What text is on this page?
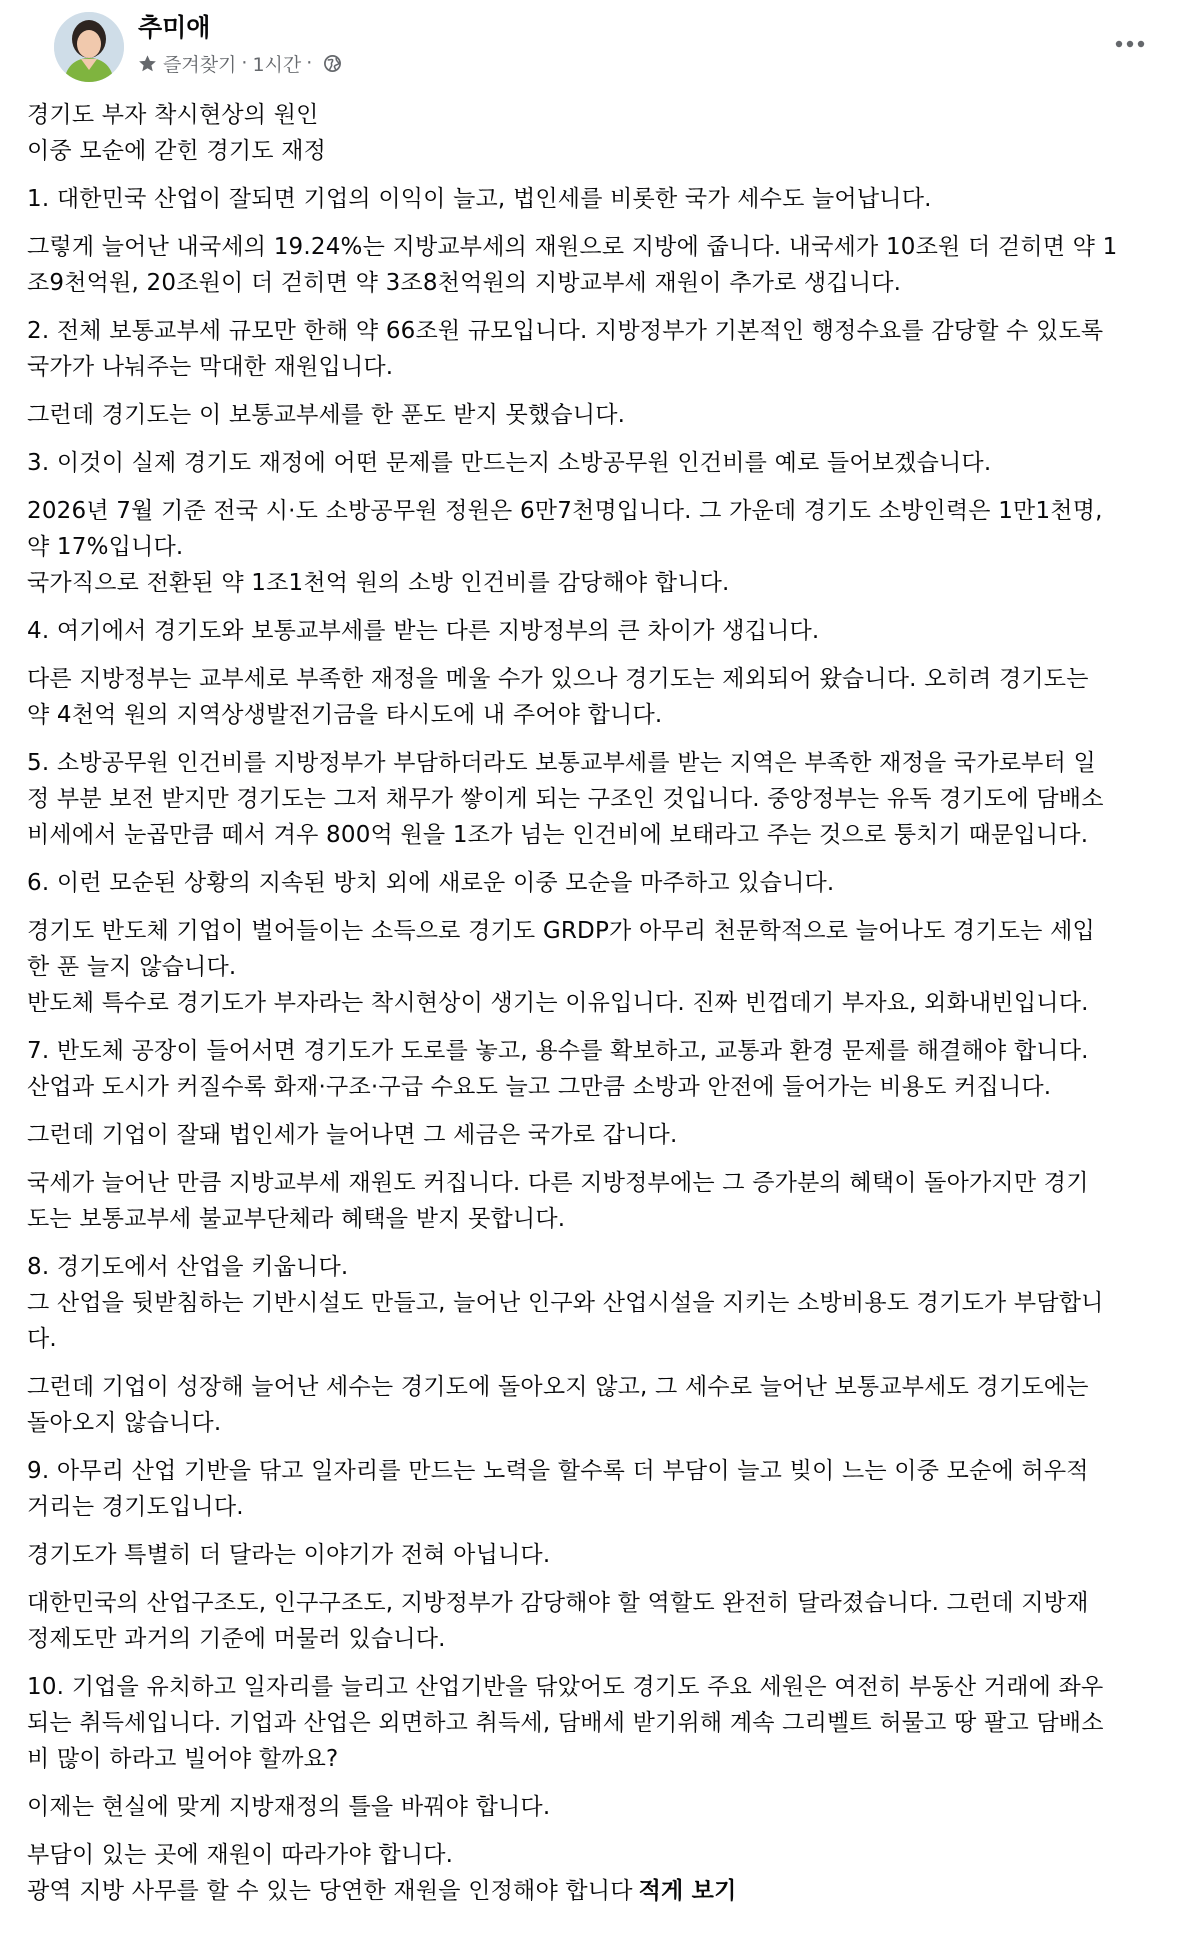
추미애
즐겨찾기 · 1시간 ·

경기도 부자 착시현상의 원인
이중 모순에 갇힌 경기도 재정

1. 대한민국 산업이 잘되면 기업의 이익이 늘고, 법인세를 비롯한 국가 세수도 늘어납니다.

그렇게 늘어난 내국세의 19.24%는 지방교부세의 재원으로 지방에 줍니다. 내국세가 10조원 더 걷히면 약 1
조9천억원, 20조원이 더 걷히면 약 3조8천억원의 지방교부세 재원이 추가로 생깁니다.

2. 전체 보통교부세 규모만 한해 약 66조원 규모입니다. 지방정부가 기본적인 행정수요를 감당할 수 있도록
국가가 나눠주는 막대한 재원입니다.

그런데 경기도는 이 보통교부세를 한 푼도 받지 못했습니다.

3. 이것이 실제 경기도 재정에 어떤 문제를 만드는지 소방공무원 인건비를 예로 들어보겠습니다.

2026년 7월 기준 전국 시·도 소방공무원 정원은 6만7천명입니다. 그 가운데 경기도 소방인력은 1만1천명,
약 17%입니다.
국가직으로 전환된 약 1조1천억 원의 소방 인건비를 감당해야 합니다.

4. 여기에서 경기도와 보통교부세를 받는 다른 지방정부의 큰 차이가 생깁니다.

다른 지방정부는 교부세로 부족한 재정을 메울 수가 있으나 경기도는 제외되어 왔습니다. 오히려 경기도는
약 4천억 원의 지역상생발전기금을 타시도에 내 주어야 합니다.

5. 소방공무원 인건비를 지방정부가 부담하더라도 보통교부세를 받는 지역은 부족한 재정을 국가로부터 일
정 부분 보전 받지만 경기도는 그저 채무가 쌓이게 되는 구조인 것입니다. 중앙정부는 유독 경기도에 담배소
비세에서 눈곱만큼 떼서 겨우 800억 원을 1조가 넘는 인건비에 보태라고 주는 것으로 퉁치기 때문입니다.

6. 이런 모순된 상황의 지속된 방치 외에 새로운 이중 모순을 마주하고 있습니다.

경기도 반도체 기업이 벌어들이는 소득으로 경기도 GRDP가 아무리 천문학적으로 늘어나도 경기도는 세입
한 푼 늘지 않습니다.
반도체 특수로 경기도가 부자라는 착시현상이 생기는 이유입니다. 진짜 빈껍데기 부자요, 외화내빈입니다.

7. 반도체 공장이 들어서면 경기도가 도로를 놓고, 용수를 확보하고, 교통과 환경 문제를 해결해야 합니다.
산업과 도시가 커질수록 화재·구조·구급 수요도 늘고 그만큼 소방과 안전에 들어가는 비용도 커집니다.

그런데 기업이 잘돼 법인세가 늘어나면 그 세금은 국가로 갑니다.

국세가 늘어난 만큼 지방교부세 재원도 커집니다. 다른 지방정부에는 그 증가분의 혜택이 돌아가지만 경기
도는 보통교부세 불교부단체라 혜택을 받지 못합니다.

8. 경기도에서 산업을 키웁니다.
그 산업을 뒷받침하는 기반시설도 만들고, 늘어난 인구와 산업시설을 지키는 소방비용도 경기도가 부담합니
다.

그런데 기업이 성장해 늘어난 세수는 경기도에 돌아오지 않고, 그 세수로 늘어난 보통교부세도 경기도에는
돌아오지 않습니다.

9. 아무리 산업 기반을 닦고 일자리를 만드는 노력을 할수록 더 부담이 늘고 빚이 느는 이중 모순에 허우적
거리는 경기도입니다.

경기도가 특별히 더 달라는 이야기가 전혀 아닙니다.

대한민국의 산업구조도, 인구구조도, 지방정부가 감당해야 할 역할도 완전히 달라졌습니다. 그런데 지방재
정제도만 과거의 기준에 머물러 있습니다.

10. 기업을 유치하고 일자리를 늘리고 산업기반을 닦았어도 경기도 주요 세원은 여전히 부동산 거래에 좌우
되는 취득세입니다. 기업과 산업은 외면하고 취득세, 담배세 받기위해 계속 그리벨트 허물고 땅 팔고 담배소
비 많이 하라고 빌어야 할까요?

이제는 현실에 맞게 지방재정의 틀을 바꿔야 합니다.

부담이 있는 곳에 재원이 따라가야 합니다.
광역 지방 사무를 할 수 있는 당연한 재원을 인정해야 합니다 적게 보기
